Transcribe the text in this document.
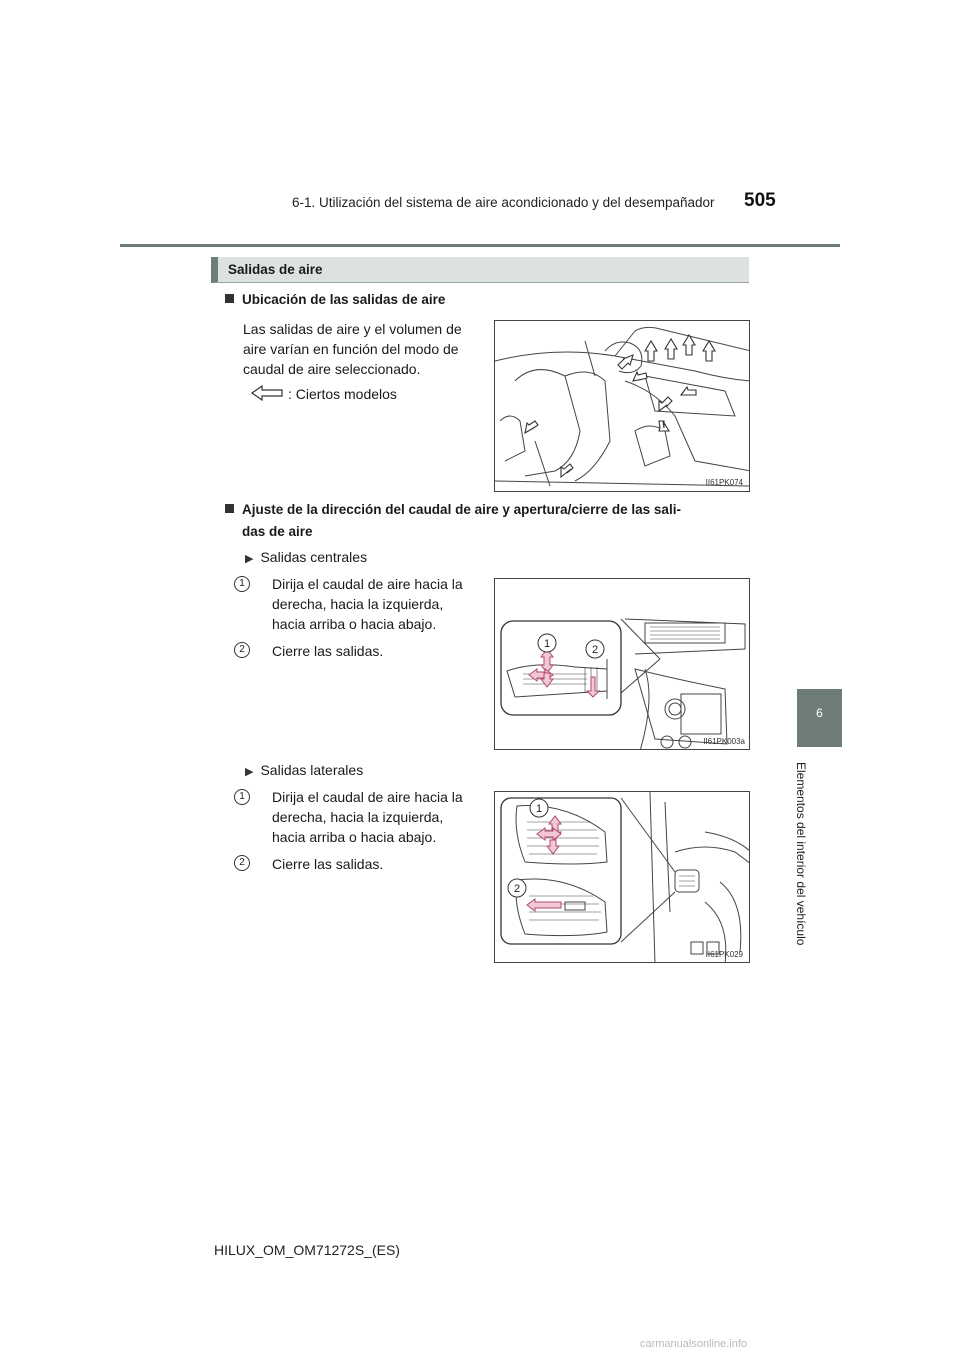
6-1. Utilización del sistema de aire acondicionado y del desempañador 505
6
Elementos del interior del vehículo
Salidas de aire
Ubicación de las salidas de aire
Las salidas de aire y el volumen de
aire varían en función del modo de
caudal de aire seleccionado.
: Ciertos modelos
II61PK074
Ajuste de la dirección del caudal de aire y apertura/cierre de las sali-
das de aire
▶ Salidas centrales
1	Dirija el caudal de aire hacia la
derecha, hacia la izquierda,
hacia arriba o hacia abajo.
2	Cierre las salidas.	1	2
II61PK003a
▶ Salidas laterales
1	Dirija el caudal de aire hacia la
derecha, hacia la izquierda,
hacia arriba o hacia abajo.
2	Cierre las salidas.
1
2
II61PK029
HILUX_OM_OM71272S_(ES)
carmanualsonline.info
